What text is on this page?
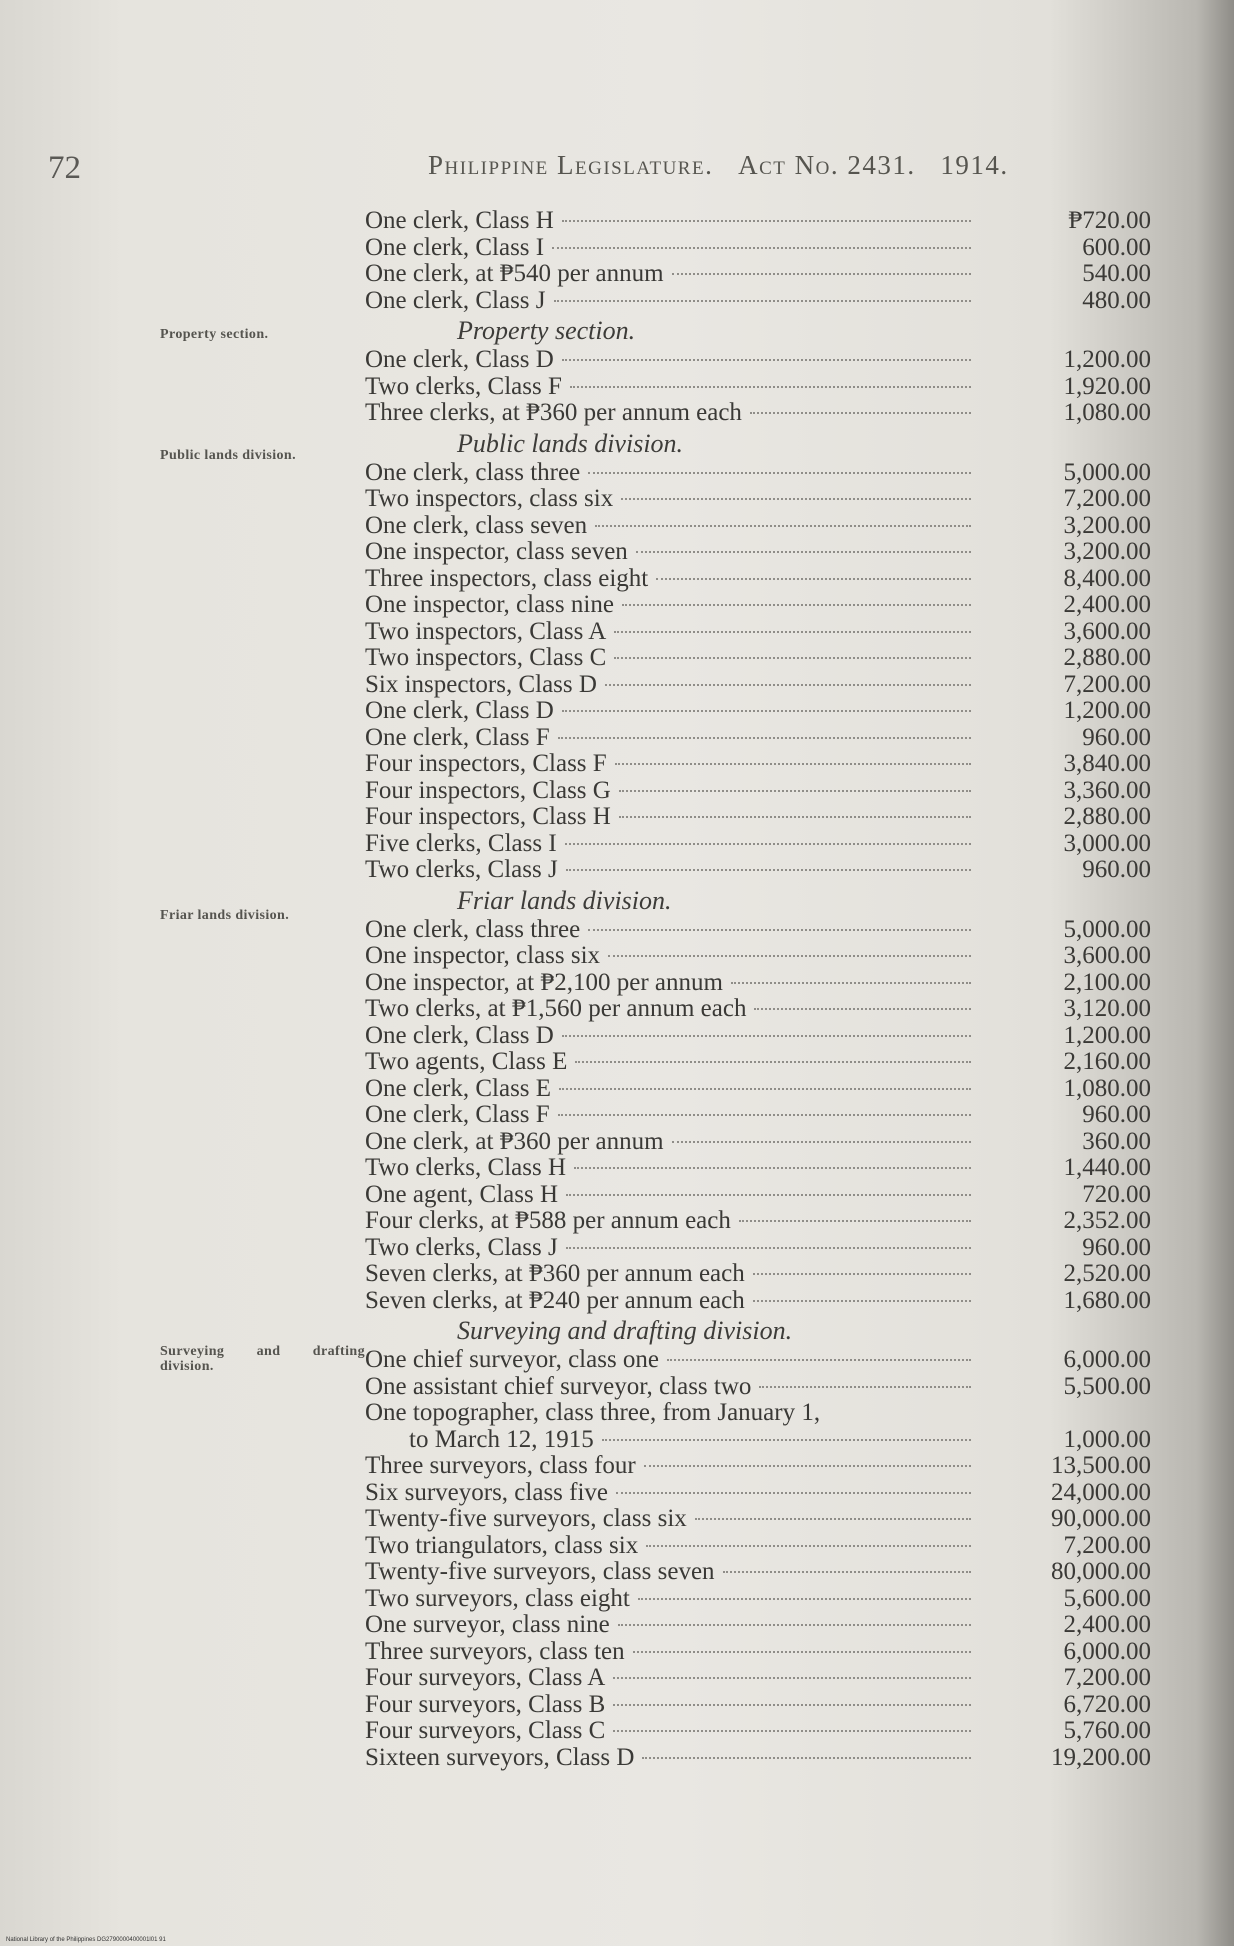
72	Philippine Legislature. Act No. 2431. 1914.
Property section.
Public lands division.
Friar lands division.
Surveying and drafting division.
One clerk, Class H	₱720.00
One clerk, Class I	600.00
One clerk, at ₱540 per annum	540.00
One clerk, Class J	480.00
Property section.
One clerk, Class D	1,200.00
Two clerks, Class F	1,920.00
Three clerks, at ₱360 per annum each	1,080.00
Public lands division.
One clerk, class three	5,000.00
Two inspectors, class six	7,200.00
One clerk, class seven	3,200.00
One inspector, class seven	3,200.00
Three inspectors, class eight	8,400.00
One inspector, class nine	2,400.00
Two inspectors, Class A	3,600.00
Two inspectors, Class C	2,880.00
Six inspectors, Class D	7,200.00
One clerk, Class D	1,200.00
One clerk, Class F	960.00
Four inspectors, Class F	3,840.00
Four inspectors, Class G	3,360.00
Four inspectors, Class H	2,880.00
Five clerks, Class I	3,000.00
Two clerks, Class J	960.00
Friar lands division.
One clerk, class three	5,000.00
One inspector, class six	3,600.00
One inspector, at ₱2,100 per annum	2,100.00
Two clerks, at ₱1,560 per annum each	3,120.00
One clerk, Class D	1,200.00
Two agents, Class E	2,160.00
One clerk, Class E	1,080.00
One clerk, Class F	960.00
One clerk, at ₱360 per annum	360.00
Two clerks, Class H	1,440.00
One agent, Class H	720.00
Four clerks, at ₱588 per annum each	2,352.00
Two clerks, Class J	960.00
Seven clerks, at ₱360 per annum each	2,520.00
Seven clerks, at ₱240 per annum each	1,680.00
Surveying and drafting division.
One chief surveyor, class one	6,000.00
One assistant chief surveyor, class two	5,500.00
One topographer, class three, from January 1,
to March 12, 1915	1,000.00
Three surveyors, class four	13,500.00
Six surveyors, class five	24,000.00
Twenty-five surveyors, class six	90,000.00
Two triangulators, class six	7,200.00
Twenty-five surveyors, class seven	80,000.00
Two surveyors, class eight	5,600.00
One surveyor, class nine	2,400.00
Three surveyors, class ten	6,000.00
Four surveyors, Class A	7,200.00
Four surveyors, Class B	6,720.00
Four surveyors, Class C	5,760.00
Sixteen surveyors, Class D	19,200.00
National Library of the Philippines DG2790000400001l01 91
